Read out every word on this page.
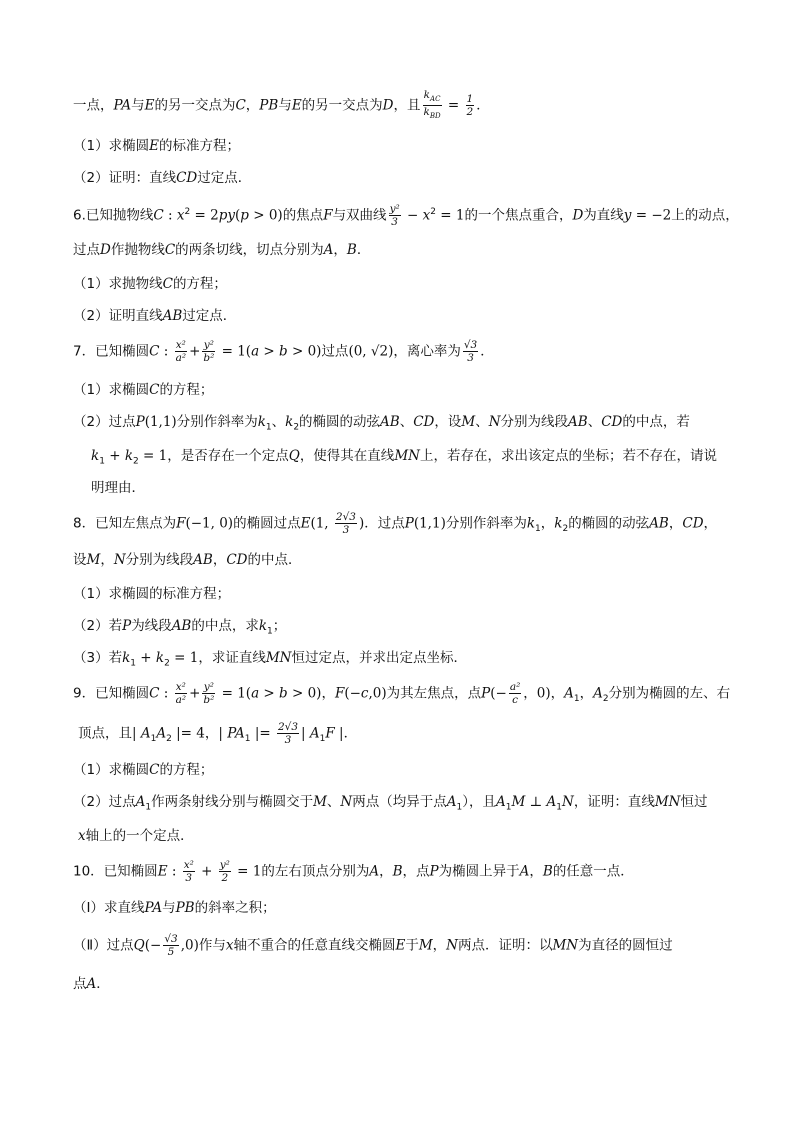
一点，PA与E的另一交点为C，PB与E的另一交点为D，且 $\frac{k_{AC}}{k_{BD}} = \frac{1}{2}$ ．
（1）求椭圆E的标准方程；
（2）证明：直线CD过定点．
6.已知抛物线C : $x^2 = 2py(p > 0)$的焦点F与双曲线 $\frac{\text{y²}}{3} - x^2 = 1$的一个焦点重合，D为直线y = −2上的动点，
过点D作抛物线C的两条切线，切点分别为A，B．
（1）求抛物线C的方程；
（2）证明直线AB过定点．
7．已知椭圆C : $\frac{\text{x²}}{\text{a²}} + \frac{\text{y²}}{\text{b²}} = 1(a > b > 0)$过点(0, √2)，离心率为 $\frac{√3}{3}$ ．
（1）求椭圆C的方程；
（2）过点P(1,1)分别作斜率为$k_1$、$k_2$的椭圆的动弦AB、CD，设M、N分别为线段AB、CD的中点，若
$k_1 + k_2 = 1$，是否存在一个定点Q，使得其在直线MN上，若存在，求出该定点的坐标；若不存在，请说
明理由．
8．已知左焦点为F(−1, 0)的椭圆过点E(1, $\frac{2√3}{3}$ )．过点P(1,1)分别作斜率为$k_1$，$k_2$的椭圆的动弦AB，CD，
设M，N分别为线段AB，CD的中点．
（1）求椭圆的标准方程；
（2）若P为线段AB的中点，求$k_1$；
（3）若$k_1 + k_2 = 1$，求证直线MN恒过定点，并求出定点坐标．
9．已知椭圆C : $\frac{\text{x²}}{\text{a²}} + \frac{\text{y²}}{\text{b²}} = 1(a > b > 0)$，F(−c,0)为其左焦点，点$P(- \frac{\text{a²}}{c}$ ，0)，$A_1$，$A_2$分别为椭圆的左、右
顶点，且| $A_1A_2$ |= 4，| $PA_1$ |= $\frac{2√3}{3}$ | $A_1F$ |．
（1）求椭圆C的方程；
（2）过点$A_1$作两条射线分别与椭圆交于M、N两点（均异于点$A_1$），且$A_1M$ ⊥ $A_1N$，证明：直线MN恒过
x轴上的一个定点．
10．已知椭圆E : $\frac{\text{x²}}{3} + \frac{\text{y²}}{2} = 1$的左右顶点分别为A，B，点P为椭圆上异于A，B的任意一点．
（Ⅰ）求直线PA与PB的斜率之积；
（Ⅱ）过点$Q(- \frac{√3}{5} ,0)$作与x轴不重合的任意直线交椭圆E于M，N两点．证明：以MN为直径的圆恒过
点A．
